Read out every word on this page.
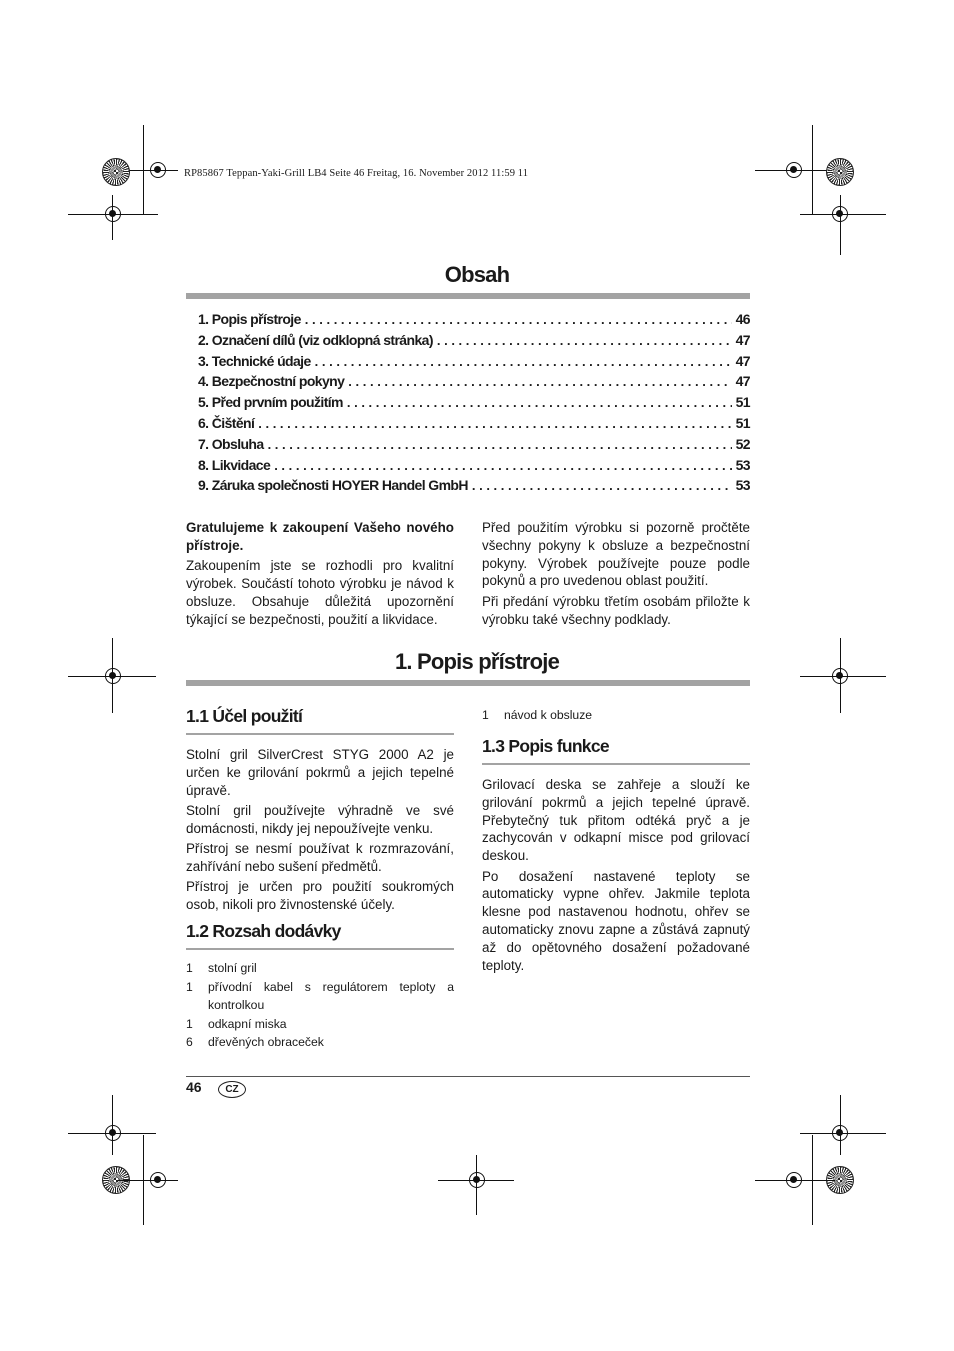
RP85867 Teppan-Yaki-Grill LB4 Seite 46 Freitag, 16. November 2012 11:59 11
Obsah
1. Popis přístroje . . .	46
2. Označení dílů (viz odklopná stránka) . . .	47
3. Technické údaje . . .	47
4. Bezpečnostní pokyny . . .	47
5. Před prvním použitím . . .	51
6. Čištění . . .	51
7. Obsluha . . .	52
8. Likvidace . . .	53
9. Záruka společnosti HOYER Handel GmbH . . .	53

Gratulujeme k zakoupení Vašeho nového přístroje.

Zakoupením jste se rozhodli pro kvalitní výrobek. Součástí tohoto výrobku je návod k obsluze. Obsahuje důležitá upozornění týkající se bezpečnosti, použití a likvidace.

Před použitím výrobku si pozorně pročtěte všechny pokyny k obsluze a bezpečnostní pokyny. Výrobek používejte pouze podle pokynů a pro uvedenou oblast použití.

Při předání výrobku třetím osobám přiložte k výrobku také všechny podklady.

1. Popis přístroje
1.1 Účel použití

Stolní gril SilverCrest STYG 2000 A2 je určen ke grilování pokrmů a jejich tepelné úpravě.

Stolní gril používejte výhradně ve své domácnosti, nikdy jej nepoužívejte venku.

Přístroj se nesmí používat k rozmrazování, zahřívání nebo sušení předmětů.

Přístroj je určen pro použití soukromých osob, nikoli pro živnostenské účely.

1.2 Rozsah dodávky
1	stolní gril
1	přívodní kabel s regulátorem teploty a kontrolkou
1	odkapní miska
6	dřevěných obraceček
1	návod k obsluze
1.3 Popis funkce

Grilovací deska se zahřeje a slouží ke grilování pokrmů a jejich tepelné úpravě. Přebytečný tuk přitom odtéká pryč a je zachycován v odkapní misce pod grilovací deskou.

Po dosažení nastavené teploty se automaticky vypne ohřev. Jakmile teplota klesne pod nastavenou hodnotu, ohřev se automaticky znovu zapne a zůstává zapnutý až do opětovného dosažení požadované teploty.

46	CZ
